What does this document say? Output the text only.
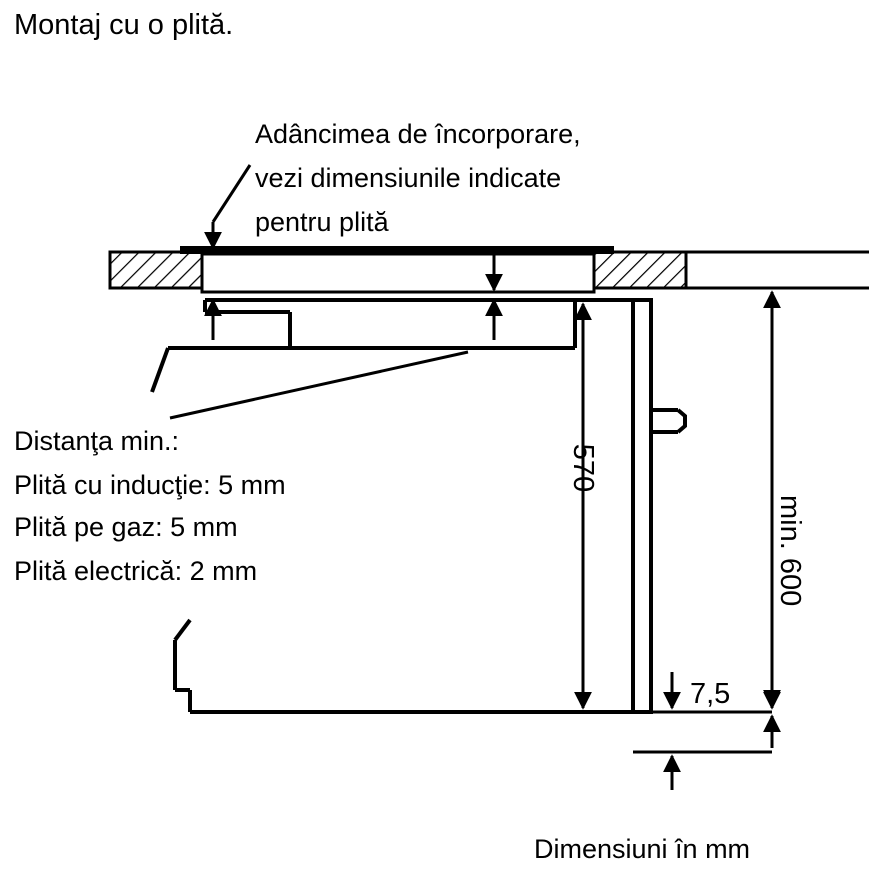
Montaj cu o plită.
Adâncimea de încorporare,
vezi dimensiunile indicate
pentru plită
Distanţa min.:
Plită cu inducţie: 5 mm
Plită pe gaz: 5 mm
Plită electrică: 2 mm
570
min. 600
7,5
Dimensiuni în mm
